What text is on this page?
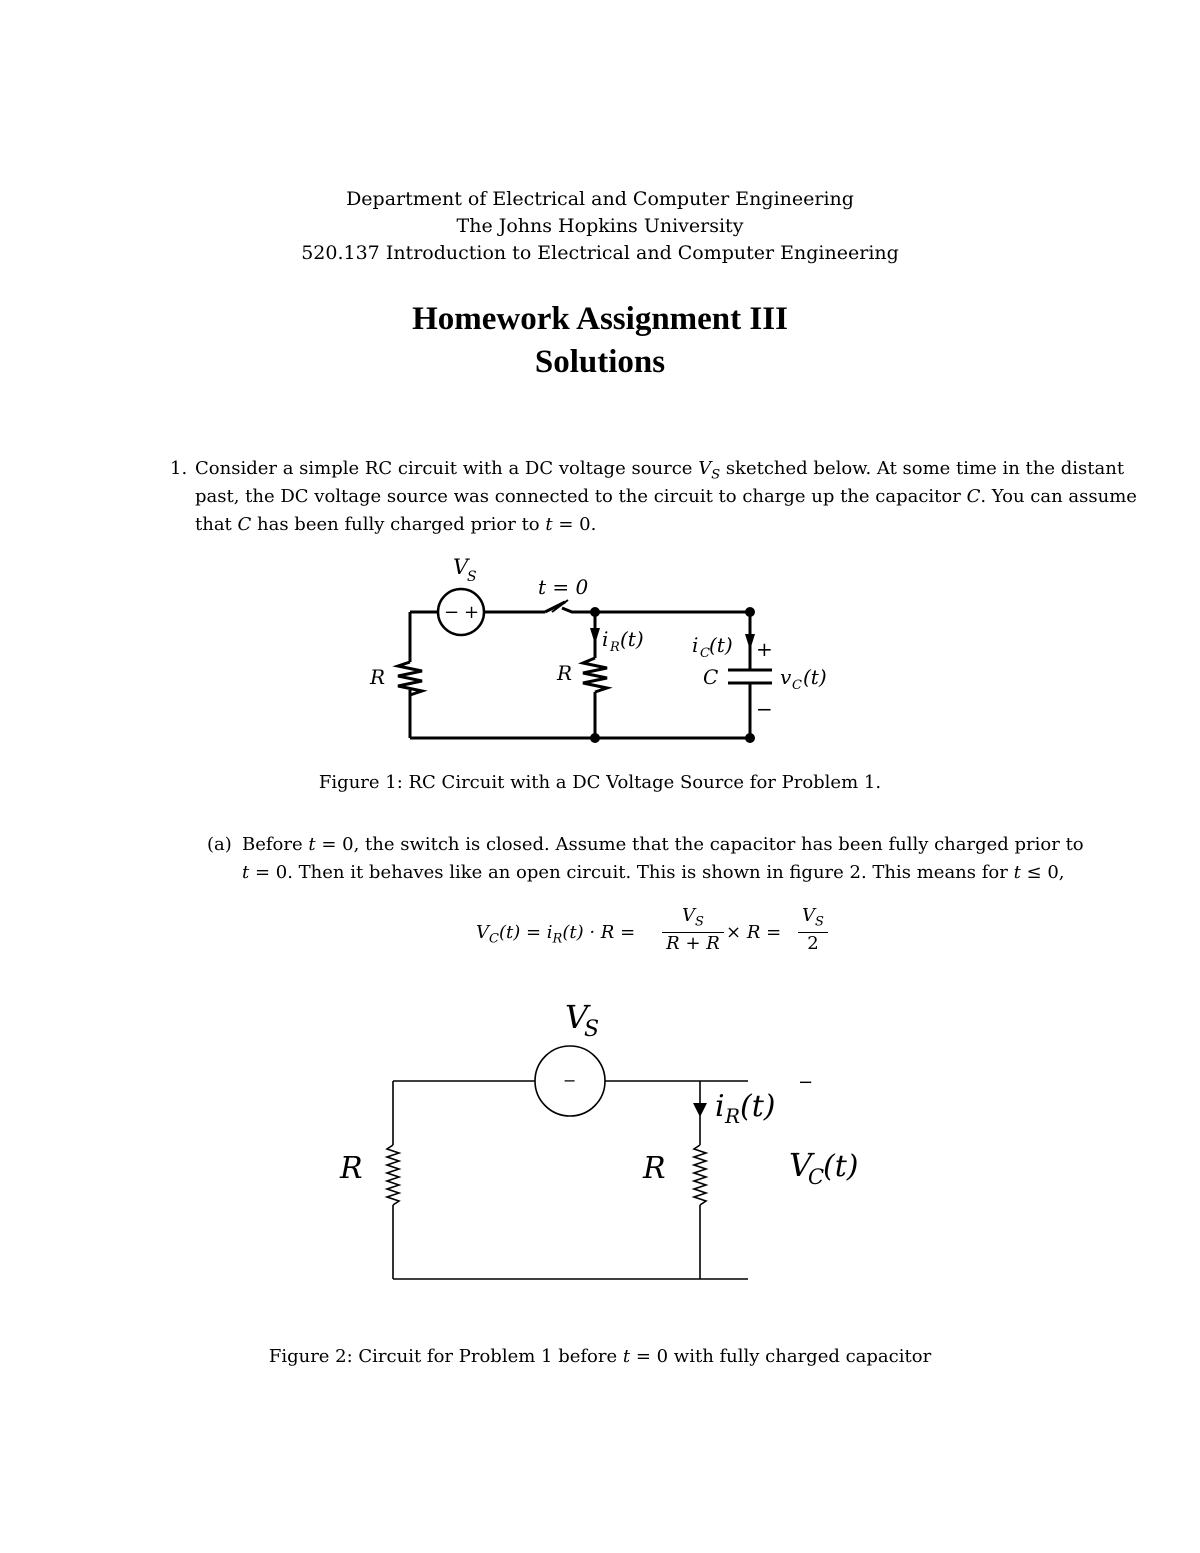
Department of Electrical and Computer Engineering
The Johns Hopkins University
520.137 Introduction to Electrical and Computer Engineering
Homework Assignment III
Solutions
1. Consider a simple RC circuit with a DC voltage source $V_S$ sketched below. At some time in the distant
past, the DC voltage source was connected to the circuit to charge up the capacitor C. You can assume
that C has been fully charged prior to t = 0.
− +
V
S	t = 0
R	R
i R (t) i C (t) +
C	v C (t)
−
Figure 1: RC Circuit with a DC Voltage Source for Problem 1.
(a) Before t = 0, the switch is closed. Assume that the capacitor has been fully charged prior to
t = 0. Then it behaves like an open circuit. This is shown in figure 2. This means for t ≤ 0,
$V_C(t) = i_R(t) \cdot R$ =
$V_S$
R + R
× R =
$V_S$
2
−
V
S
i R (t)
−
R	R	V
C
(t)
Figure 2: Circuit for Problem 1 before t = 0 with fully charged capacitor
